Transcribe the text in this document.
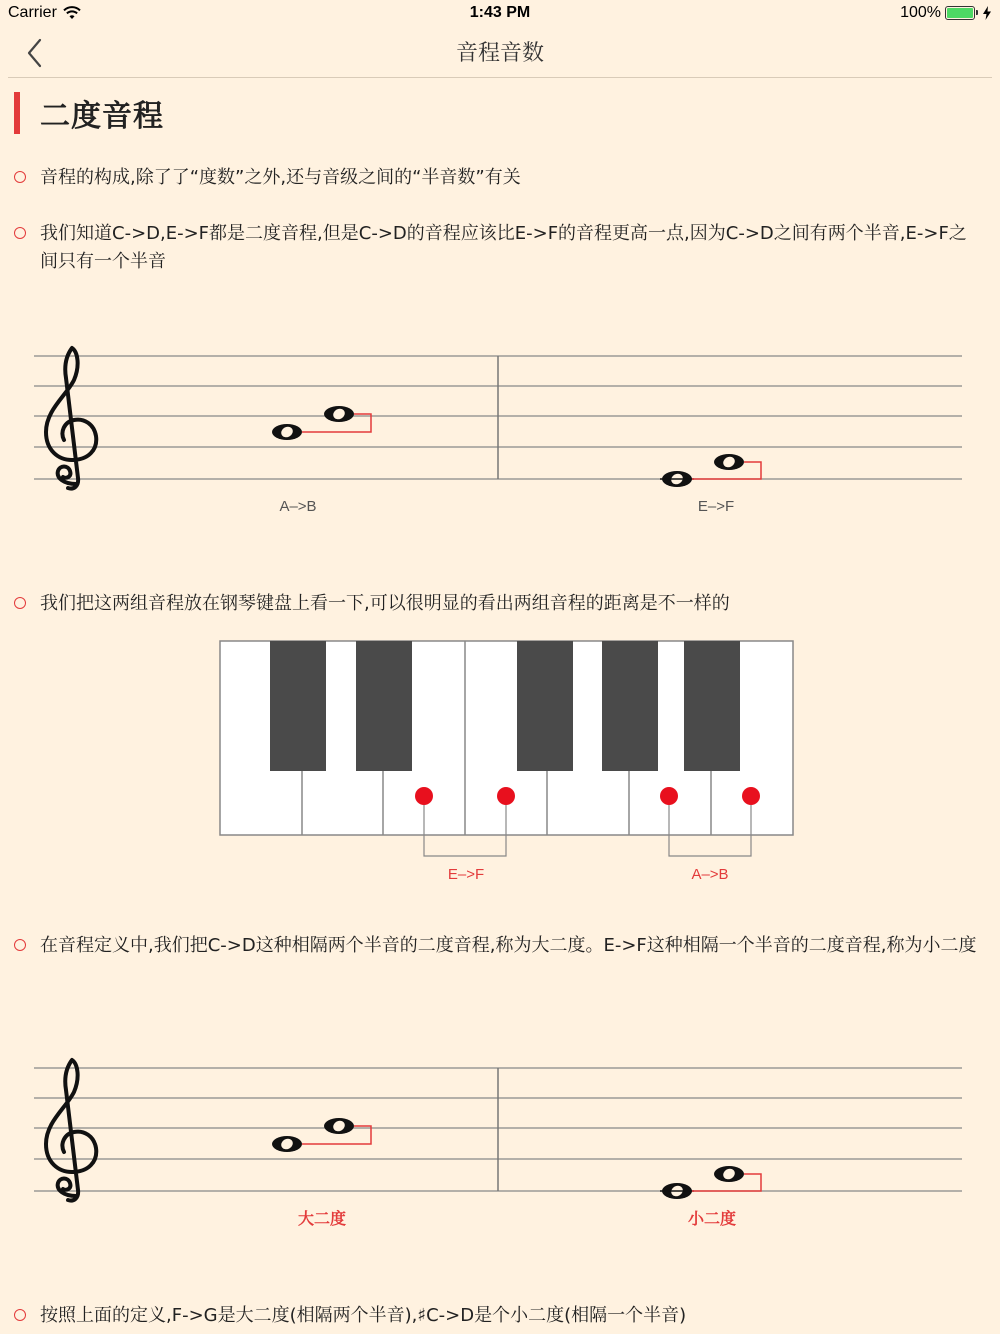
Carrier	1:43 PM	100%
音程音数
二度音程
音程的构成,除了了“度数”之外,还与音级之间的“半音数”有关
我们知道C->D,E->F都是二度音程,但是C->D的音程应该比E->F的音程更高一点,因为C->D之间有两个半音,E->F之间只有一个半音
A–>B	E–>F
我们把这两组音程放在钢琴键盘上看一下,可以很明显的看出两组音程的距离是不一样的
E–>F	A–>B
在音程定义中,我们把C->D这种相隔两个半音的二度音程,称为大二度。E->F这种相隔一个半音的二度音程,称为小二度
大二度	小二度
按照上面的定义,F->G是大二度(相隔两个半音),♯C->D是个小二度(相隔一个半音)
